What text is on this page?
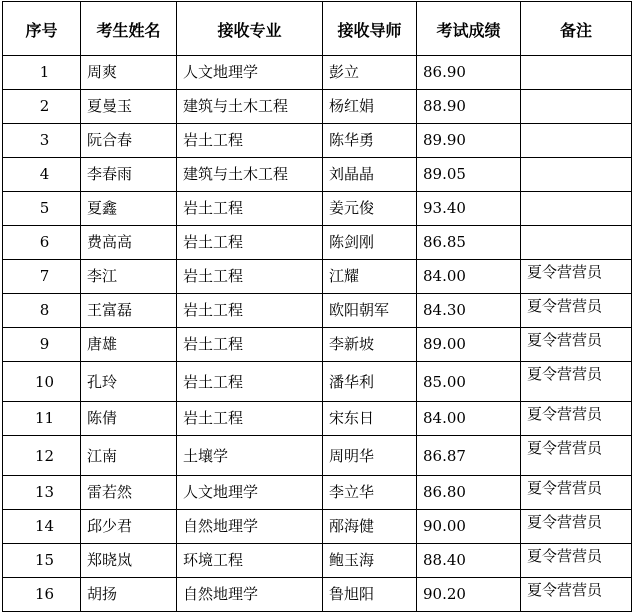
序号	考生姓名	接收专业	接收导师	考试成绩	备注
1	周爽	人文地理学	彭立	86.90	
2	夏曼玉	建筑与土木工程	杨红娟	88.90	
3	阮合春	岩土工程	陈华勇	89.90	
4	李春雨	建筑与土木工程	刘晶晶	89.05	
5	夏鑫	岩土工程	姜元俊	93.40	
6	费高高	岩土工程	陈剑刚	86.85	
7	李江	岩土工程	江耀	84.00	夏令营营员
8	王富磊	岩土工程	欧阳朝军	84.30	夏令营营员
9	唐雄	岩土工程	李新坡	89.00	夏令营营员
10	孔玲	岩土工程	潘华利	85.00	夏令营营员
11	陈倩	岩土工程	宋东日	84.00	夏令营营员
12	江南	土壤学	周明华	86.87	夏令营营员
13	雷若然	人文地理学	李立华	86.80	夏令营营员
14	邱少君	自然地理学	邴海健	90.00	夏令营营员
15	郑晓岚	环境工程	鲍玉海	88.40	夏令营营员
16	胡扬	自然地理学	鲁旭阳	90.20	夏令营营员
